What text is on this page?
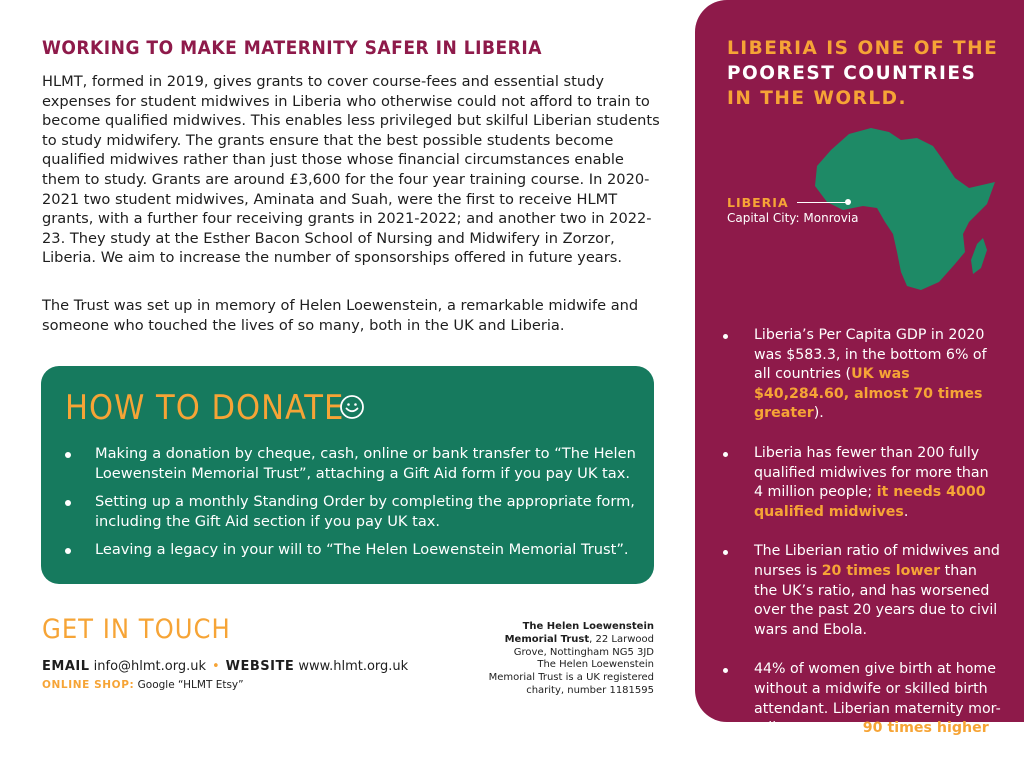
WORKING TO MAKE MATERNITY SAFER IN LIBERIA

HLMT, formed in 2019, gives grants to cover course-fees and essential study expenses for student midwives in Liberia who otherwise could not afford to train to become qualified midwives. This enables less privileged but skilful Liberian students to study midwifery. The grants ensure that the best possible students become qualified midwives rather than just those whose financial circumstances enable them to study. Grants are around £3,600 for the four year training course. In 2020-2021 two student midwives, Aminata and Suah, were the first to receive HLMT grants, with a further four receiving grants in 2021-2022; and another two in 2022-23. They study at the Esther Bacon School of Nursing and Midwifery in Zorzor, Liberia. We aim to increase the number of sponsorships offered in future years.

The Trust was set up in memory of Helen Loewenstein, a remarkable midwife and someone who touched the lives of so many, both in the UK and Liberia.

HOW TO DONATE
Making a donation by cheque, cash, online or bank transfer to “The Helen Loewenstein Memorial Trust”, attaching a Gift Aid form if you pay UK tax.
Setting up a monthly Standing Order by completing the appropriate form, including the Gift Aid section if you pay UK tax.
Leaving a legacy in your will to “The Helen Loewenstein Memorial Trust”.
GET IN TOUCH
EMAIL info@hlmt.org.uk • WEBSITE www.hlmt.org.uk
ONLINE SHOP: Google “HLMT Etsy”
The Helen Loewenstein Memorial Trust, 22 Larwood Grove, Nottingham NG5 3JD
The Helen Loewenstein Memorial Trust is a UK registered charity, number 1181595
LIBERIA IS ONE OF THE
POOREST COUNTRIES
IN THE WORLD.
LIBERIA
Capital City: Monrovia
Liberia’s Per Capita GDP in 2020 was $583.3, in the bottom 6% of all countries (UK was $40,284.60, almost 70 times greater).
Liberia has fewer than 200 fully qualified midwives for more than 4 million people; it needs 4000 qualified midwives.
The Liberian ratio of midwives and nurses is 20 times lower than the UK’s ratio, and has worsened over the past 20 years due to civil wars and Ebola.
44% of women give birth at home without a midwife or skilled birth attendant. Liberian maternity mor-tality rates are 90 times higher than in the UK!
